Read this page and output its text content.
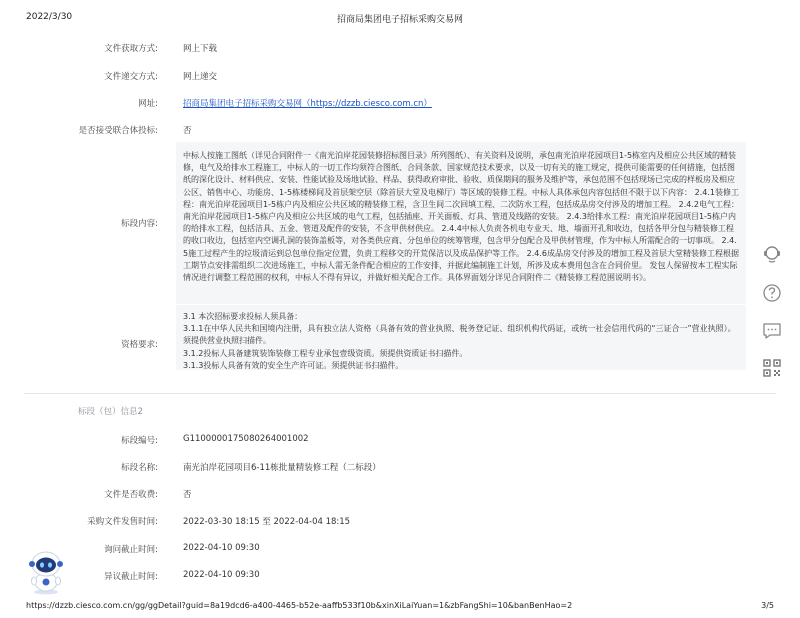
2022/3/30	招商局集团电子招标采购交易网
文件获取方式:	网上下载
文件递交方式:	网上递交
网址:	招商局集团电子招标采购交易网（https://dzzb.ciesco.com.cn）
是否接受联合体投标:	否
标段内容:
中标人按施工图纸（详见合同附件一《南光泊岸花园装修招标图目录》所列图纸）、有关资料及说明，承包南光泊岸花园项目1-5栋室内及相应公共区域的精装修，电气及给排水工程施工，中标人的一切工作均须符合图纸、合同条款、国家规范技术要求，以及一切有关的施工规定，提供可能需要的任何措施，包括图纸的深化设计、材料供应、安装、性能试验及场地试验、样品、获得政府审批、验收、质保期间的服务及维护等，承包范围不包括现场已完成的样板房及相应公区、销售中心、功能房、1-5栋楼梯间及首层架空层（除首层大堂及电梯厅）等区域的装修工程。中标人具体承包内容包括但不限于以下内容： 2.4.1装修工程：南光泊岸花园项目1-5栋户内及相应公共区域的精装修工程，含卫生间二次回填工程、二次防水工程，包括成品房交付涉及的增加工程。 2.4.2电气工程：南光泊岸花园项目1-5栋户内及相应公共区域的电气工程，包括插座、开关面板、灯具、管道及线路的安装。 2.4.3给排水工程：南光泊岸花园项目1-5栋户内的给排水工程，包括洁具、五金、管道及配件的安装，不含甲供材供应。 2.4.4中标人负责各机电专业天、地、墙面开孔和收边，包括各甲分包与精装修工程的收口收边，包括室内空调孔洞的装饰盖板等，对各类供应商、分包单位的统筹管理，包含甲分包配合及甲供材管理，作为中标人所需配合的一切事项。 2.4.5施工过程产生的垃圾清运到总包单位指定位置，负责工程移交的开荒保洁以及成品保护等工作。 2.4.6成品房交付涉及的增加工程及首层大堂精装修工程根据工期节点安排需组织二次进场施工，中标人需无条件配合相应的工作安排，并据此编制施工计划，所涉及成本费用包含在合同价里。 发包人保留按本工程实际情况进行调整工程范围的权利，中标人不得有异议，并做好相关配合工作。具体界面划分详见合同附件二《精装修工程范围说明书》。
资格要求:
3.1 本次招标要求投标人须具备：
3.1.1在中华人民共和国境内注册，具有独立法人资格（具备有效的营业执照、税务登记证、组织机构代码证，或统一社会信用代码的“三证合一”营业执照）。须提供营业执照扫描件。
3.1.2投标人具备建筑装饰装修工程专业承包壹级资质。须提供资质证书扫描件。
3.1.3投标人具备有效的安全生产许可证。须提供证书扫描件。
标段（包）信息2
标段编号:	G1100000175080264001002
标段名称:	南光泊岸花园项目6-11栋批量精装修工程（二标段）
文件是否收费:	否
采购文件发售时间:	2022-03-30 18:15 至 2022-04-04 18:15
询问截止时间:	2022-04-10 09:30
异议截止时间:	2022-04-10 09:30
https://dzzb.ciesco.com.cn/gg/ggDetail?guid=8a19dcd6-a400-4465-b52e-aaffb533f10b&xinXiLaiYuan=1&zbFangShi=10&banBenHao=2	3/5
